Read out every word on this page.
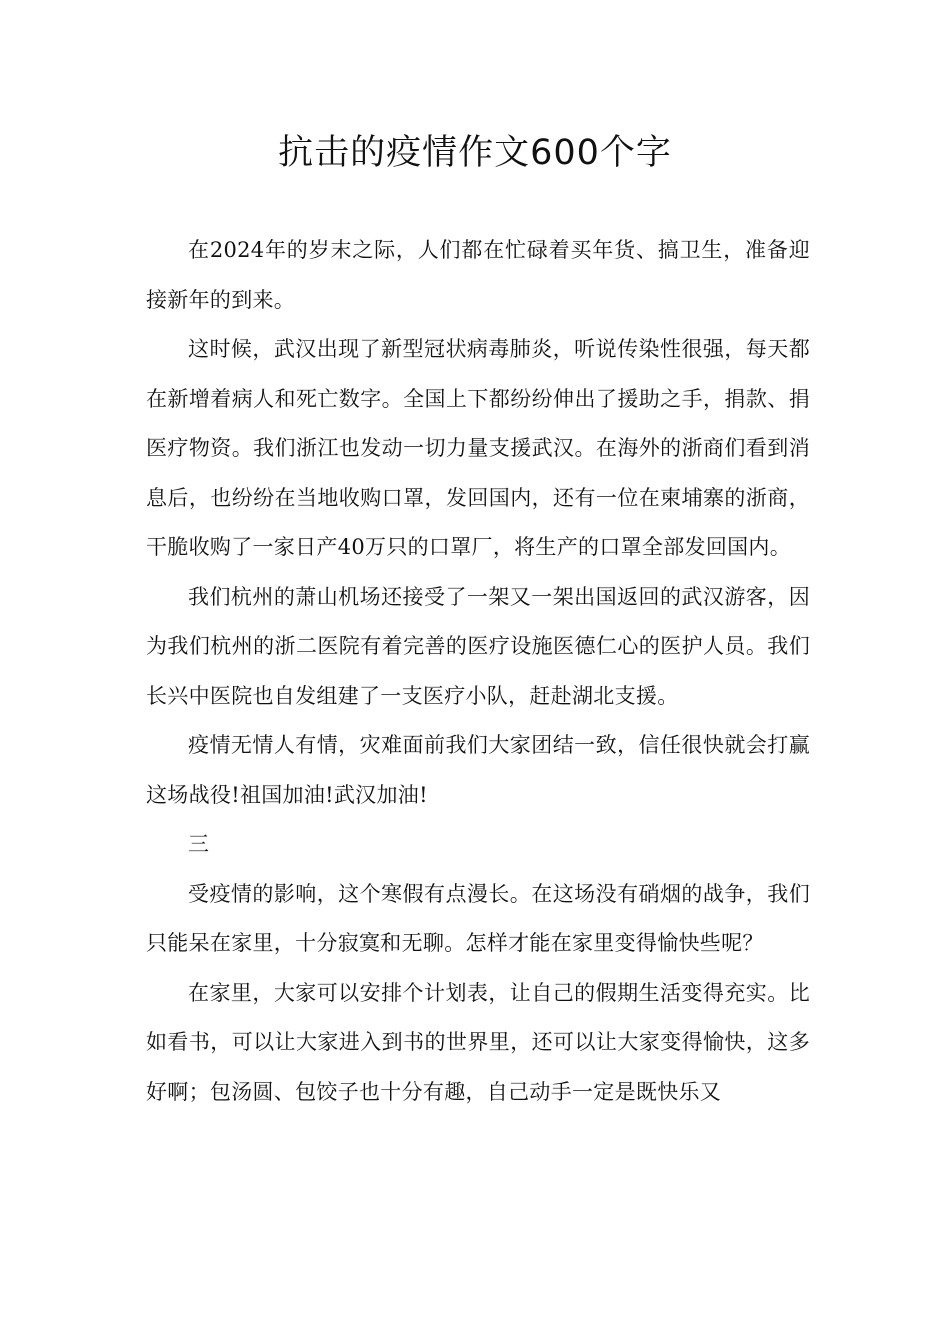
抗击的疫情作文600个字

在2024年的岁末之际，人们都在忙碌着买年货、搞卫生，准备迎接新年的到来。

这时候，武汉出现了新型冠状病毒肺炎，听说传染性很强，每天都在新增着病人和死亡数字。全国上下都纷纷伸出了援助之手，捐款、捐医疗物资。我们浙江也发动一切力量支援武汉。在海外的浙商们看到消息后，也纷纷在当地收购口罩，发回国内，还有一位在柬埔寨的浙商，干脆收购了一家日产40万只的口罩厂，将生产的口罩全部发回国内。

我们杭州的萧山机场还接受了一架又一架出国返回的武汉游客，因为我们杭州的浙二医院有着完善的医疗设施医德仁心的医护人员。我们长兴中医院也自发组建了一支医疗小队，赶赴湖北支援。

疫情无情人有情，灾难面前我们大家团结一致，信任很快就会打赢这场战役!祖国加油!武汉加油!

三

受疫情的影响，这个寒假有点漫长。在这场没有硝烟的战争，我们只能呆在家里，十分寂寞和无聊。怎样才能在家里变得愉快些呢？

在家里，大家可以安排个计划表，让自己的假期生活变得充实。比如看书，可以让大家进入到书的世界里，还可以让大家变得愉快，这多好啊；包汤圆、包饺子也十分有趣，自己动手一定是既快乐又
